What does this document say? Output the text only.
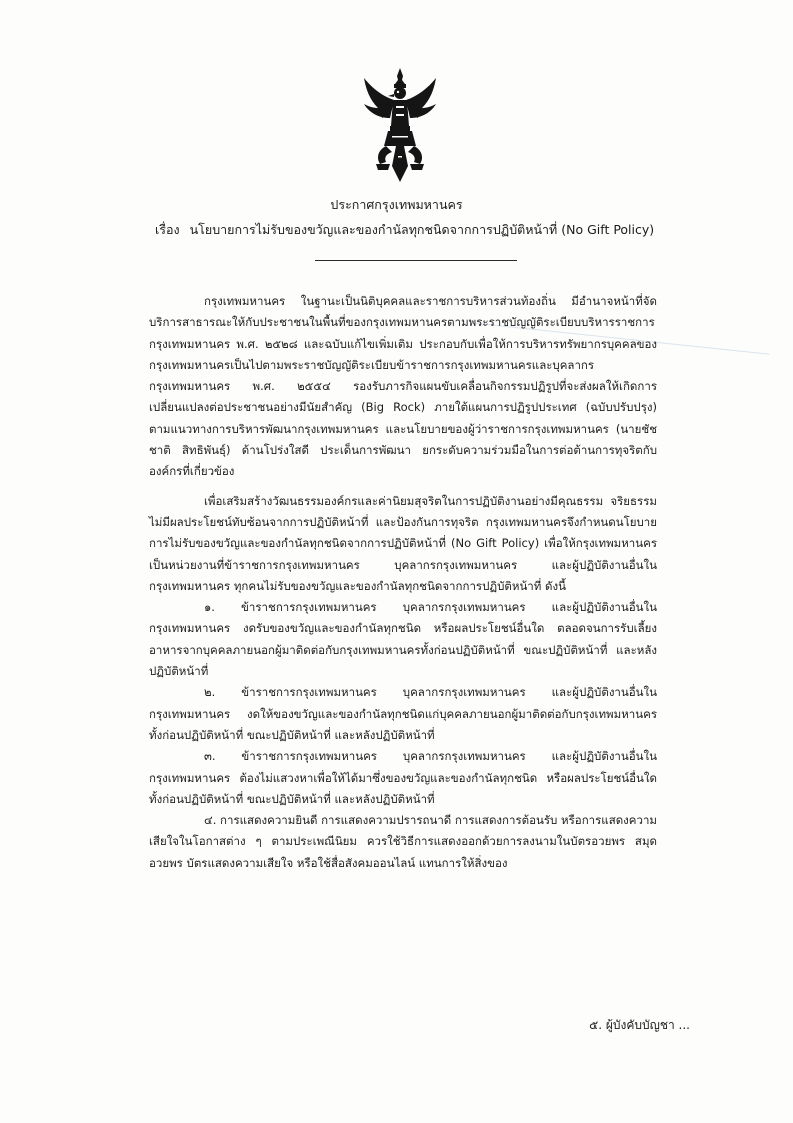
ประกาศกรุงเทพมหานคร
เรื่อง นโยบายการไม่รับของขวัญและของกำนัลทุกชนิดจากการปฏิบัติหน้าที่ (No Gift Policy)

กรุงเทพมหานคร ในฐานะเป็นนิติบุคคลและราชการบริหารส่วนท้องถิ่น มีอำนาจหน้าที่จัดบริการสาธารณะให้กับประชาชนในพื้นที่ของกรุงเทพมหานครตามพระราชบัญญัติระเบียบบริหารราชการกรุงเทพมหานคร พ.ศ. ๒๕๒๘ และฉบับแก้ไขเพิ่มเติม ประกอบกับเพื่อให้การบริหารทรัพยากรบุคคลของกรุงเทพมหานครเป็นไปตามพระราชบัญญัติระเบียบข้าราชการกรุงเทพมหานครและบุคลากรกรุงเทพมหานคร พ.ศ. ๒๕๕๔ รองรับภารกิจแผนขับเคลื่อนกิจกรรมปฏิรูปที่จะส่งผลให้เกิดการเปลี่ยนแปลงต่อประชาชนอย่างมีนัยสำคัญ (Big Rock) ภายใต้แผนการปฏิรูปประเทศ (ฉบับปรับปรุง) ตามแนวทางการบริหารพัฒนากรุงเทพมหานคร และนโยบายของผู้ว่าราชการกรุงเทพมหานคร (นายชัชชาติ สิทธิพันธุ์) ด้านโปร่งใสดี ประเด็นการพัฒนา ยกระดับความร่วมมือในการต่อต้านการทุจริตกับองค์กรที่เกี่ยวข้อง

เพื่อเสริมสร้างวัฒนธรรมองค์กรและค่านิยมสุจริตในการปฏิบัติงานอย่างมีคุณธรรม จริยธรรม ไม่มีผลประโยชน์ทับซ้อนจากการปฏิบัติหน้าที่ และป้องกันการทุจริต กรุงเทพมหานครจึงกำหนดนโยบายการไม่รับของขวัญและของกำนัลทุกชนิดจากการปฏิบัติหน้าที่ (No Gift Policy) เพื่อให้กรุงเทพมหานคร เป็นหน่วยงานที่ข้าราชการกรุงเทพมหานคร บุคลากรกรุงเทพมหานคร และผู้ปฏิบัติงานอื่นในกรุงเทพมหานคร ทุกคนไม่รับของขวัญและของกำนัลทุกชนิดจากการปฏิบัติหน้าที่ ดังนี้

๑. ข้าราชการกรุงเทพมหานคร บุคลากรกรุงเทพมหานคร และผู้ปฏิบัติงานอื่นในกรุงเทพมหานคร งดรับของขวัญและของกำนัลทุกชนิด หรือผลประโยชน์อื่นใด ตลอดจนการรับเลี้ยงอาหารจากบุคคลภายนอกผู้มาติดต่อกับกรุงเทพมหานครทั้งก่อนปฏิบัติหน้าที่ ขณะปฏิบัติหน้าที่ และหลังปฏิบัติหน้าที่

๒. ข้าราชการกรุงเทพมหานคร บุคลากรกรุงเทพมหานคร และผู้ปฏิบัติงานอื่นในกรุงเทพมหานคร งดให้ของขวัญและของกำนัลทุกชนิดแก่บุคคลภายนอกผู้มาติดต่อกับกรุงเทพมหานครทั้งก่อนปฏิบัติหน้าที่ ขณะปฏิบัติหน้าที่ และหลังปฏิบัติหน้าที่

๓. ข้าราชการกรุงเทพมหานคร บุคลากรกรุงเทพมหานคร และผู้ปฏิบัติงานอื่นในกรุงเทพมหานคร ต้องไม่แสวงหาเพื่อให้ได้มาซึ่งของขวัญและของกำนัลทุกชนิด หรือผลประโยชน์อื่นใด ทั้งก่อนปฏิบัติหน้าที่ ขณะปฏิบัติหน้าที่ และหลังปฏิบัติหน้าที่

๔. การแสดงความยินดี การแสดงความปรารถนาดี การแสดงการต้อนรับ หรือการแสดงความเสียใจในโอกาสต่าง ๆ ตามประเพณีนิยม ควรใช้วิธีการแสดงออกด้วยการลงนามในบัตรอวยพร สมุดอวยพร บัตรแสดงความเสียใจ หรือใช้สื่อสังคมออนไลน์ แทนการให้สิ่งของ

๕. ผู้บังคับบัญชา ...
